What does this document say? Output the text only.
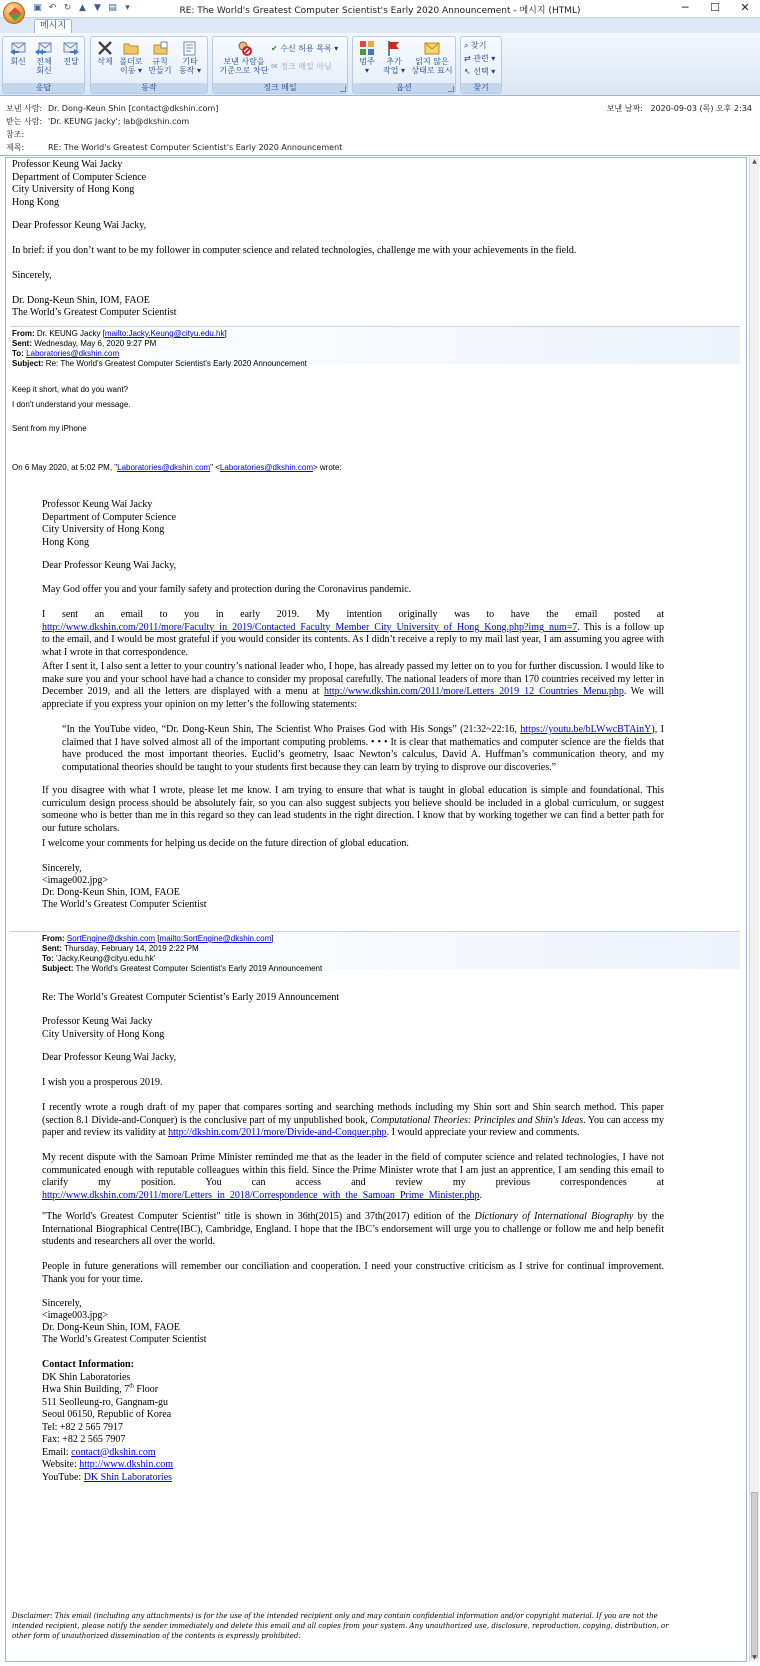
▣ ↶ ↻ ▲ ▼ ▤ ▾	RE: The World's Greatest Computer Scientist's Early 2020 Announcement - 메시지 (HTML)	─	☐	✕
메시지
회신	전체
회신
전달
응답
삭제 폴더로
이동 ▾
규칙
만들기
기타
동작 ▾
동작
보낸 사람을
기준으로 차단
✔ 수신 허용 목록 ▾
✉ 정크 메일 아님
정크 메일
범주
▾
추가
작업 ▾
읽지 않은
상태로 표시
옵션
⌕ 찾기
⇄ 관련 ▾
↖ 선택 ▾
찾기
보낸 사람: Dr. Dong-Keun Shin [contact@dkshin.com]
받는 사람: 'Dr. KEUNG Jacky'; lab@dkshin.com
참조:
제목:	RE: The World's Greatest Computer Scientist's Early 2020 Announcement
보낸 날짜: 2020-09-03 (목) 오후 2:34
Professor Keung Wai Jacky
Department of Computer Science
City University of Hong Kong
Hong Kong
Dear Professor Keung Wai Jacky,
In brief: if you don’t want to be my follower in computer science and related technologies, challenge me with your achievements in the field.
Sincerely,
Dr. Dong-Keun Shin, IOM, FAOE
The World’s Greatest Computer Scientist
From: Dr. KEUNG Jacky [mailto:Jacky.Keung@cityu.edu.hk]
Sent: Wednesday, May 6, 2020 9:27 PM
To: Laboratories@dkshin.com
Subject: Re: The World's Greatest Computer Scientist's Early 2020 Announcement
Keep it short, what do you want?
I don't understand your message.
Sent from my iPhone
On 6 May 2020, at 5:02 PM, "Laboratories@dkshin.com" <Laboratories@dkshin.com> wrote:
Professor Keung Wai Jacky
Department of Computer Science
City University of Hong Kong
Hong Kong
Dear Professor Keung Wai Jacky,
May God offer you and your family safety and protection during the Coronavirus pandemic.
I sent an email to you in early 2019. My intention originally was to have the email posted at http://www.dkshin.com/2011/more/Faculty_in_2019/Contacted_Faculty_Member_City_University_of_Hong_Kong.php?img_num=7. This is a follow up to the email, and I would be most grateful if you would consider its contents. As I didn’t receive a reply to my mail last year, I am assuming you agree with what I wrote in that correspondence.
After I sent it, I also sent a letter to your country’s national leader who, I hope, has already passed my letter on to you for further discussion. I would like to make sure you and your school have had a chance to consider my proposal carefully. The national leaders of more than 170 countries received my letter in December 2019, and all the letters are displayed with a menu at http://www.dkshin.com/2011/more/Letters_2019_12_Countries_Menu.php. We will appreciate if you express your opinion on my letter’s the following statements:
“In the YouTube video, “Dr. Dong-Keun Shin, The Scientist Who Praises God with His Songs” (21:32~22:16, https://youtu.be/bLWwcBTAinY), I claimed that I have solved almost all of the important computing problems. • • • It is clear that mathematics and computer science are the fields that have produced the most important theories. Euclid’s geometry, Isaac Newton’s calculus, David A. Huffman’s communication theory, and my computational theories should be taught to your students first because they can learn by trying to disprove our discoveries.”
If you disagree with what I wrote, please let me know. I am trying to ensure that what is taught in global education is simple and foundational. This curriculum design process should be absolutely fair, so you can also suggest subjects you believe should be included in a global curriculum, or suggest someone who is better than me in this regard so they can lead students in the right direction. I know that by working together we can find a better path for our future scholars.
I welcome your comments for helping us decide on the future direction of global education.
Sincerely,
<image002.jpg>
Dr. Dong-Keun Shin, IOM, FAOE
The World’s Greatest Computer Scientist
From: SortEngine@dkshin.com [mailto:SortEngine@dkshin.com]
Sent: Thursday, February 14, 2019 2:22 PM
To: 'Jacky.Keung@cityu.edu.hk'
Subject: The World's Greatest Computer Scientist's Early 2019 Announcement
Re: The World’s Greatest Computer Scientist’s Early 2019 Announcement
Professor Keung Wai Jacky
City University of Hong Kong
Dear Professor Keung Wai Jacky,
I wish you a prosperous 2019.
I recently wrote a rough draft of my paper that compares sorting and searching methods including my Shin sort and Shin search method. This paper (section 8.1 Divide-and-Conquer) is the conclusive part of my unpublished book, Computational Theories: Principles and Shin's Ideas. You can access my paper and review its validity at http://dkshin.com/2011/more/Divide-and-Conquer.php. I would appreciate your review and comments.
My recent dispute with the Samoan Prime Minister reminded me that as the leader in the field of computer science and related technologies, I have not communicated enough with reputable colleagues within this field. Since the Prime Minister wrote that I am just an apprentice, I am sending this email to clarify my position. You can access and review my previous correspondences at http://www.dkshin.com/2011/more/Letters_in_2018/Correspondence_with_the_Samoan_Prime_Minister.php.
"The World's Greatest Computer Scientist" title is shown in 36th(2015) and 37th(2017) edition of the Dictionary of International Biography by the International Biographical Centre(IBC), Cambridge, England. I hope that the IBC’s endorsement will urge you to challenge or follow me and help benefit students and researchers all over the world.
People in future generations will remember our conciliation and cooperation. I need your constructive criticism as I strive for continual improvement. Thank you for your time.
Sincerely,
<image003.jpg>
Dr. Dong-Keun Shin, IOM, FAOE
The World’s Greatest Computer Scientist
Contact Information:
DK Shin Laboratories
Hwa Shin Building, 7th Floor
511 Seolleung-ro, Gangnam-gu
Seoul 06150, Republic of Korea
Tel: +82 2 565 7917
Fax: +82 2 565 7907
Email: contact@dkshin.com
Website: http://www.dkshin.com
YouTube: DK Shin Laboratories
Disclaimer: This email (including any attachments) is for the use of the intended recipient only and may contain confidential information and/or copyright material. If you are not the intended recipient, please notify the sender immediately and delete this email and all copies from your system. Any unauthorized use, disclosure, reproduction, copying, distribution, or other form of unauthorized dissemination of the contents is expressly prohibited.
▲
▼
